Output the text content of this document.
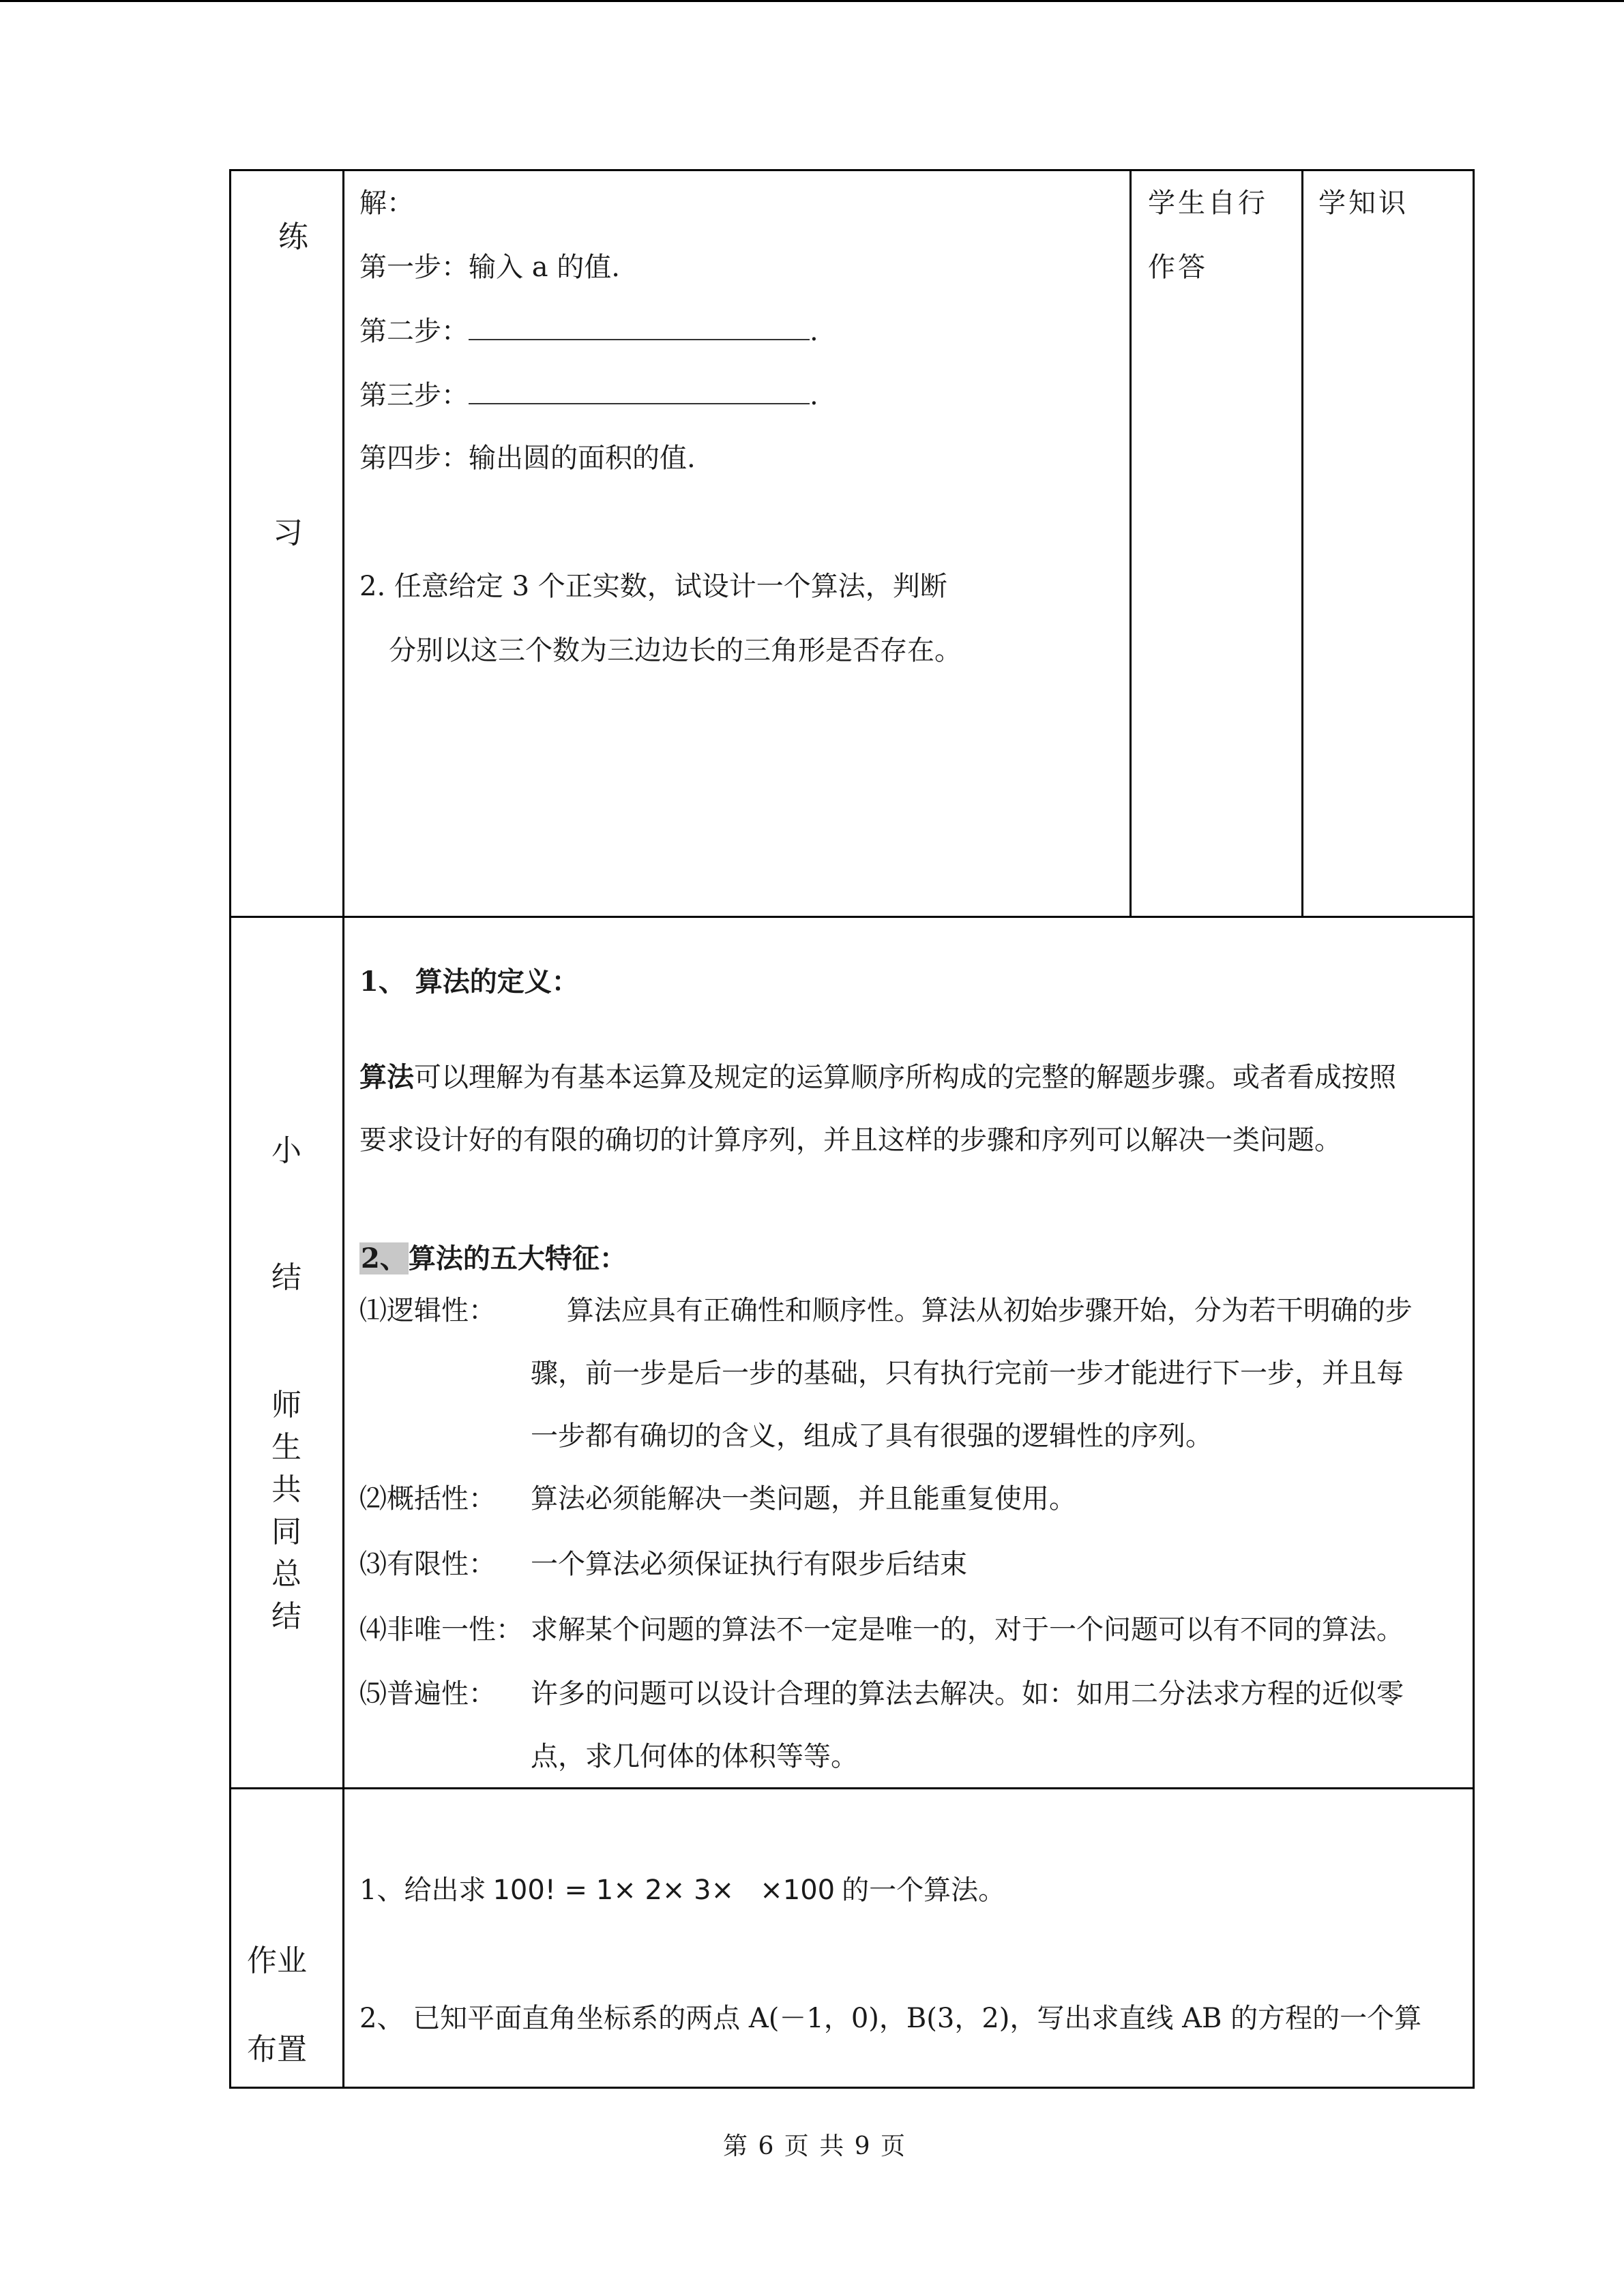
练
习
解：
第一步：输入 a 的值.
第二步：	.
第三步：	.
第四步：输出圆的面积的值.
2. 任意给定 3 个正实数，试设计一个算法，判断
分别以这三个数为三边边长的三角形是否存在。
学生自行
作答
学知识
小
结
师
生
共
同
总
结
1、 算法的定义：
算法可以理解为有基本运算及规定的运算顺序所构成的完整的解题步骤。或者看成按照
要求设计好的有限的确切的计算序列，并且这样的步骤和序列可以解决一类问题。
2、算法的五大特征：
⑴逻辑性： 　 算法应具有正确性和顺序性。算法从初始步骤开始，分为若干明确的步
骤，前一步是后一步的基础，只有执行完前一步才能进行下一步，并且每
一步都有确切的含义，组成了具有很强的逻辑性的序列。
⑵概括性： 算法必须能解决一类问题，并且能重复使用。
⑶有限性： 一个算法必须保证执行有限步后结束
⑷非唯一性： 求解某个问题的算法不一定是唯一的，对于一个问题可以有不同的算法。
⑸普遍性： 许多的问题可以设计合理的算法去解决。如：如用二分法求方程的近似零
点，求几何体的体积等等。
作业
布置
1、给出求 100! = 1× 2× 3×   ×100 的一个算法。
2、 已知平面直角坐标系的两点 A(－1，0)，B(3，2)，写出求直线 AB 的方程的一个算
第 6 页 共 9 页
